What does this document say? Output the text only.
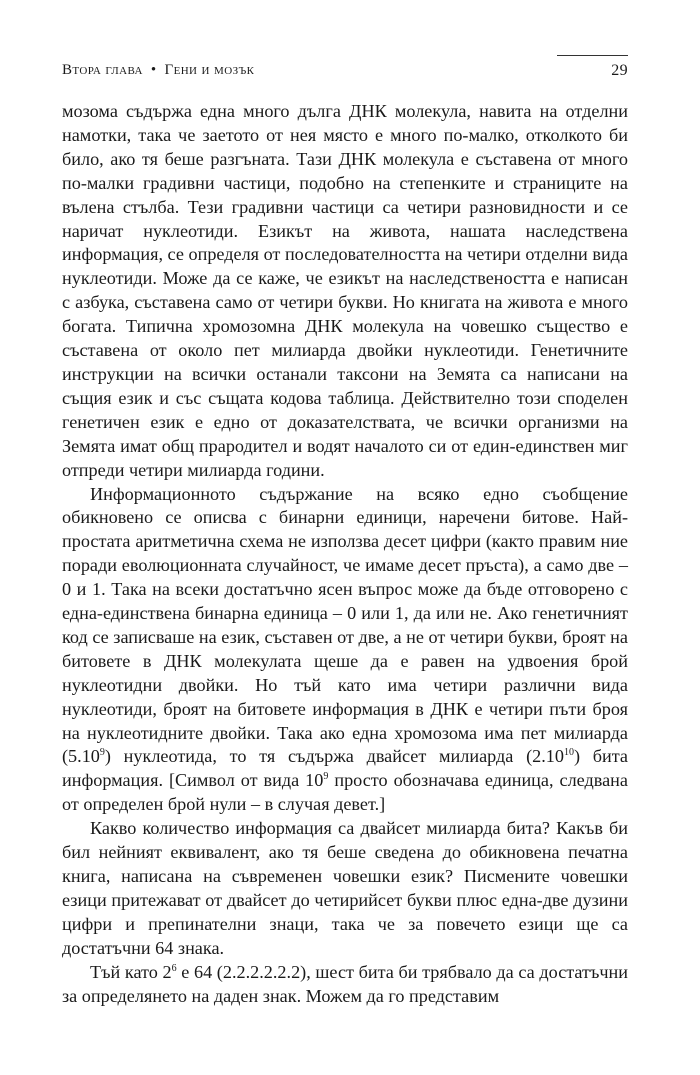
Втора глава • Гени и мозък	29

мозома съдържа една много дълга ДНК молекула, навита на отделни намотки, така че заетото от нея място е много по-малко, отколкото би било, ако тя беше разгъната. Тази ДНК молекула е съставена от много по-малки градивни частици, подобно на степенките и страниците на вълена стълба. Тези градивни частици са четири разновидности и се наричат нуклеотиди. Езикът на живота, нашата наследствена информация, се определя от последователността на четири отделни вида нуклеотиди. Може да се каже, че езикът на наследствеността е написан с азбука, съставена само от четири букви. Но книгата на живота е много богата. Типична хромозомна ДНК молекула на човешко същество е съставена от около пет милиарда двойки нуклеотиди. Генетичните инструкции на всички останали таксони на Земята са написани на същия език и със същата кодова таблица. Действително този споделен генетичен език е едно от доказателствата, че всички организми на Земята имат общ прародител и водят началото си от един-единствен миг отпреди четири милиарда години.

Информационното съдържание на всяко едно съобщение обикновено се описва с бинарни единици, наречени битове. Най-простата аритметична схема не използва десет цифри (както правим ние поради еволюционната случайност, че имаме десет пръста), а само две – 0 и 1. Така на всеки достатъчно ясен въпрос може да бъде отговорено с една-единствена бинарна единица – 0 или 1, да или не. Ако генетичният код се записваше на език, съставен от две, а не от четири букви, броят на битовете в ДНК молекулата щеше да е равен на удвоения брой нуклеотидни двойки. Но тъй като има четири различни вида нуклеотиди, броят на битовете информация в ДНК е четири пъти броя на нуклеотидните двойки. Така ако една хромозома има пет милиарда (5.10$^9$) нуклеотида, то тя съдържа двайсет милиарда (2.10$^{10}$) бита информация. [Символ от вида $10^9$ просто обозначава единица, следвана от определен брой нули – в случая девет.]

Какво количество информация са двайсет милиарда бита? Какъв би бил нейният еквивалент, ако тя беше сведена до обикновена печатна книга, написана на съвременен човешки език? Писмените човешки езици притежават от двайсет до четирийсет букви плюс една-две дузини цифри и препинателни знаци, така че за повечето езици ще са достатъчни 64 знака.

Тъй като $2^6$ е 64 (2.2.2.2.2.2), шест бита би трябвало да са достатъчни за определянето на даден знак. Можем да го представим
